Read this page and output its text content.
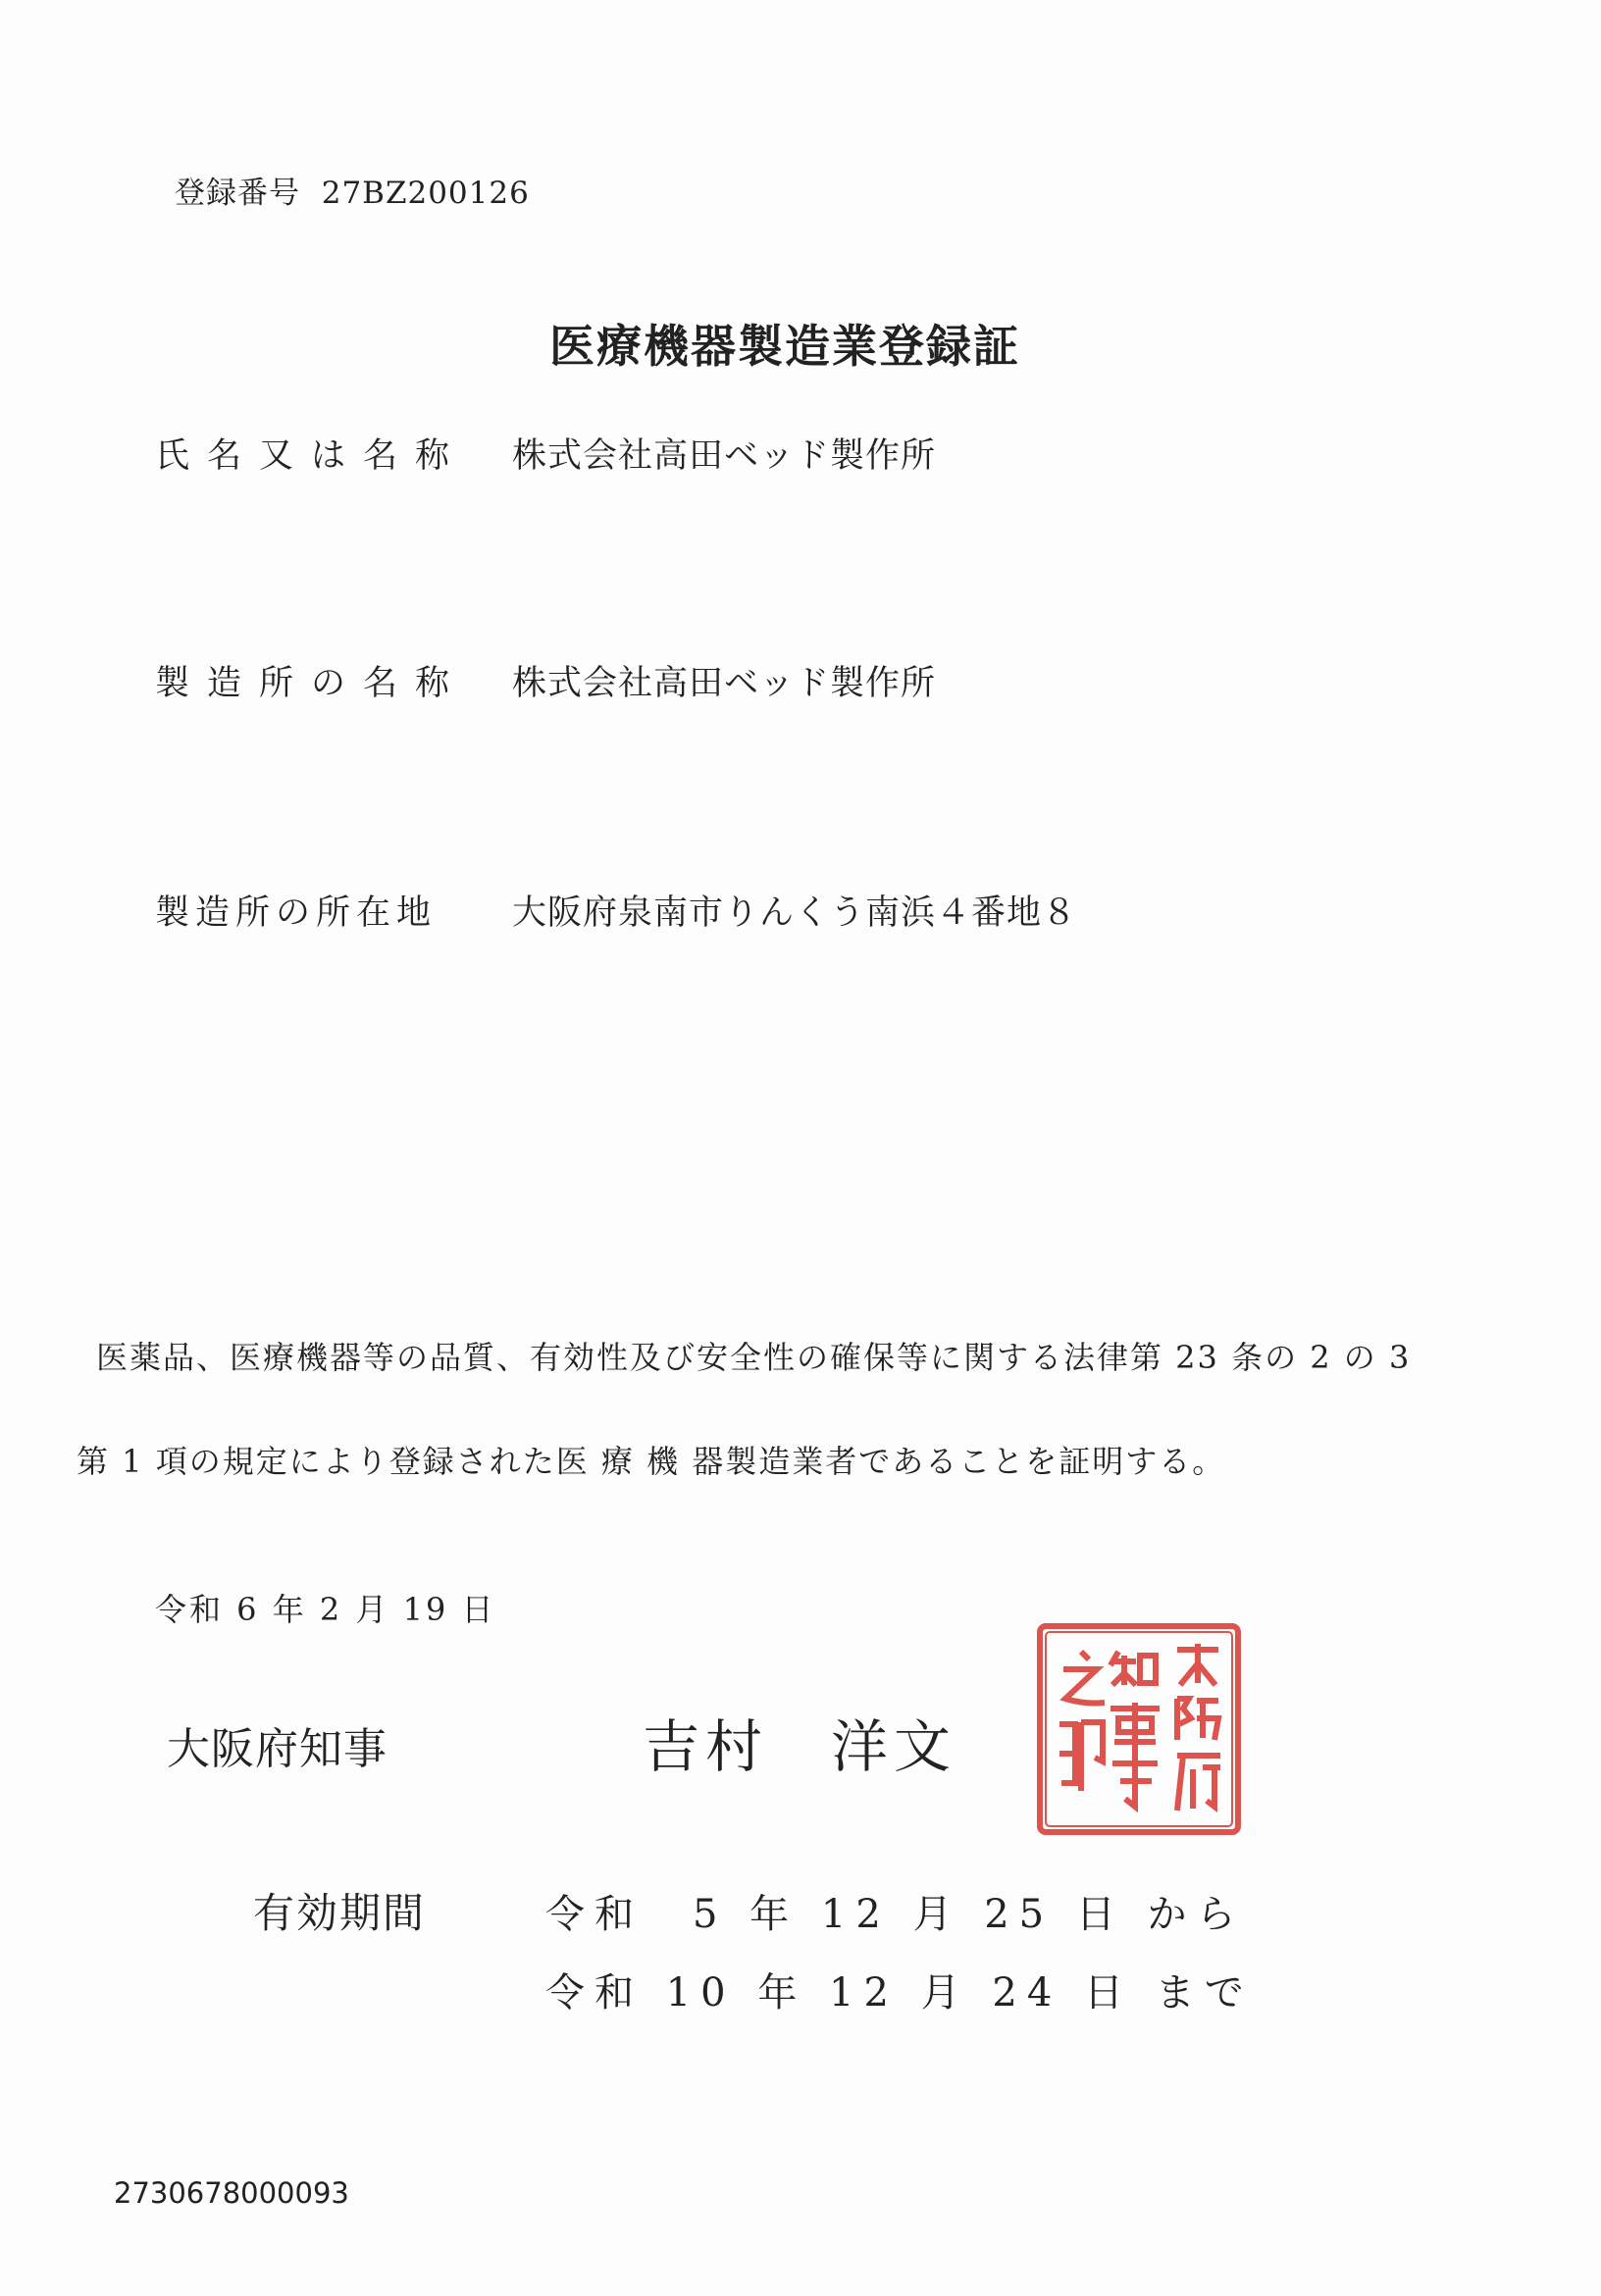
登録番号 27BZ200126
医療機器製造業登録証
氏名又は名称 株式会社高田ベッド製作所
製造所の名称 株式会社高田ベッド製作所
製造所の所在地 大阪府泉南市りんくう南浜４番地８
医薬品、医療機器等の品質、有効性及び安全性の確保等に関する法律第 23 条の 2 の 3
第 1 項の規定により登録された医 療 機 器製造業者であることを証明する。
令和 6 年 2 月 19 日
大阪府知事	吉村　洋文
有効期間	令和　5 年 12 月 25 日 から
令和 10 年 12 月 24 日 まで
2730678000093
